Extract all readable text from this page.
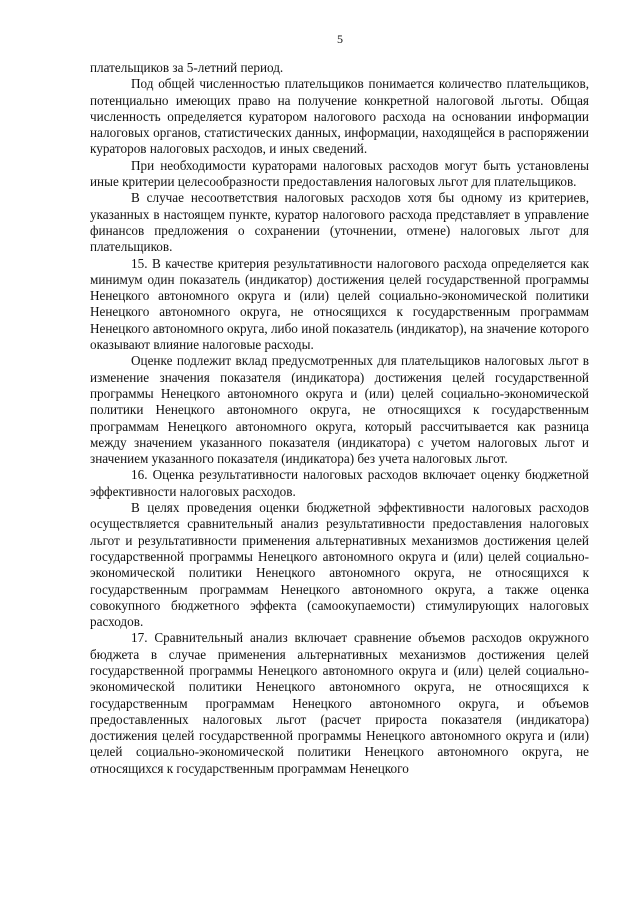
5

плательщиков за 5-летний период.

Под общей численностью плательщиков понимается количество плательщиков, потенциально имеющих право на получение конкретной налоговой льготы. Общая численность определяется куратором налогового расхода на основании информации налоговых органов, статистических данных, информации, находящейся в распоряжении кураторов налоговых расходов, и иных сведений.

При необходимости кураторами налоговых расходов могут быть установлены иные критерии целесообразности предоставления налоговых льгот для плательщиков.

В случае несоответствия налоговых расходов хотя бы одному из критериев, указанных в настоящем пункте, куратор налогового расхода представляет в управление финансов предложения о сохранении (уточнении, отмене) налоговых льгот для плательщиков.

15. В качестве критерия результативности налогового расхода определяется как минимум один показатель (индикатор) достижения целей государственной программы Ненецкого автономного округа и (или) целей социально-экономической политики Ненецкого автономного округа, не относящихся к государственным программам Ненецкого автономного округа, либо иной показатель (индикатор), на значение которого оказывают влияние налоговые расходы.

Оценке подлежит вклад предусмотренных для плательщиков налоговых льгот в изменение значения показателя (индикатора) достижения целей государственной программы Ненецкого автономного округа и (или) целей социально-экономической политики Ненецкого автономного округа, не относящихся к государственным программам Ненецкого автономного округа, который рассчитывается как разница между значением указанного показателя (индикатора) с учетом налоговых льгот и значением указанного показателя (индикатора) без учета налоговых льгот.

16. Оценка результативности налоговых расходов включает оценку бюджетной эффективности налоговых расходов.

В целях проведения оценки бюджетной эффективности налоговых расходов осуществляется сравнительный анализ результативности предоставления налоговых льгот и результативности применения альтернативных механизмов достижения целей государственной программы Ненецкого автономного округа и (или) целей социально-экономической политики Ненецкого автономного округа, не относящихся к государственным программам Ненецкого автономного округа, а также оценка совокупного бюджетного эффекта (самоокупаемости) стимулирующих налоговых расходов.

17. Сравнительный анализ включает сравнение объемов расходов окружного бюджета в случае применения альтернативных механизмов достижения целей государственной программы Ненецкого автономного округа и (или) целей социально-экономической политики Ненецкого автономного округа, не относящихся к государственным программам Ненецкого автономного округа, и объемов предоставленных налоговых льгот (расчет прироста показателя (индикатора) достижения целей государственной программы Ненецкого автономного округа и (или) целей социально-экономической политики Ненецкого автономного округа, не относящихся к государственным программам Ненецкого
